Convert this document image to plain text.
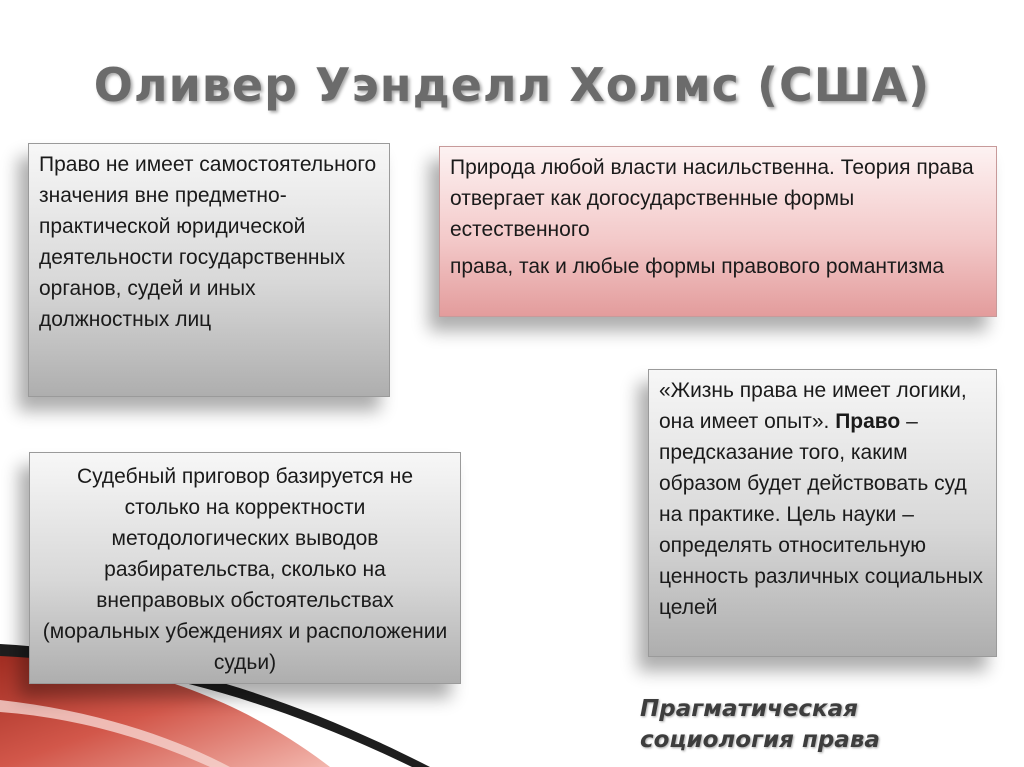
Оливер Уэнделл Холмс (США)
Право не имеет самостоятельного значения вне предметно-практической юридической деятельности государственных органов, судей и иных должностных лиц
Природа любой власти насильственна. Теория права отвергает как догосударственные формы естественного
права, так и любые формы правового романтизма
Судебный приговор базируется не столько на корректности методологических выводов разбирательства, сколько на внеправовых обстоятельствах (моральных убеждениях и расположении судьи)
«Жизнь права не имеет логики, она имеет опыт». Право – предсказание того, каким образом будет действовать суд на практике. Цель науки – определять относительную ценность различных социальных целей

Прагматическая
социология права
